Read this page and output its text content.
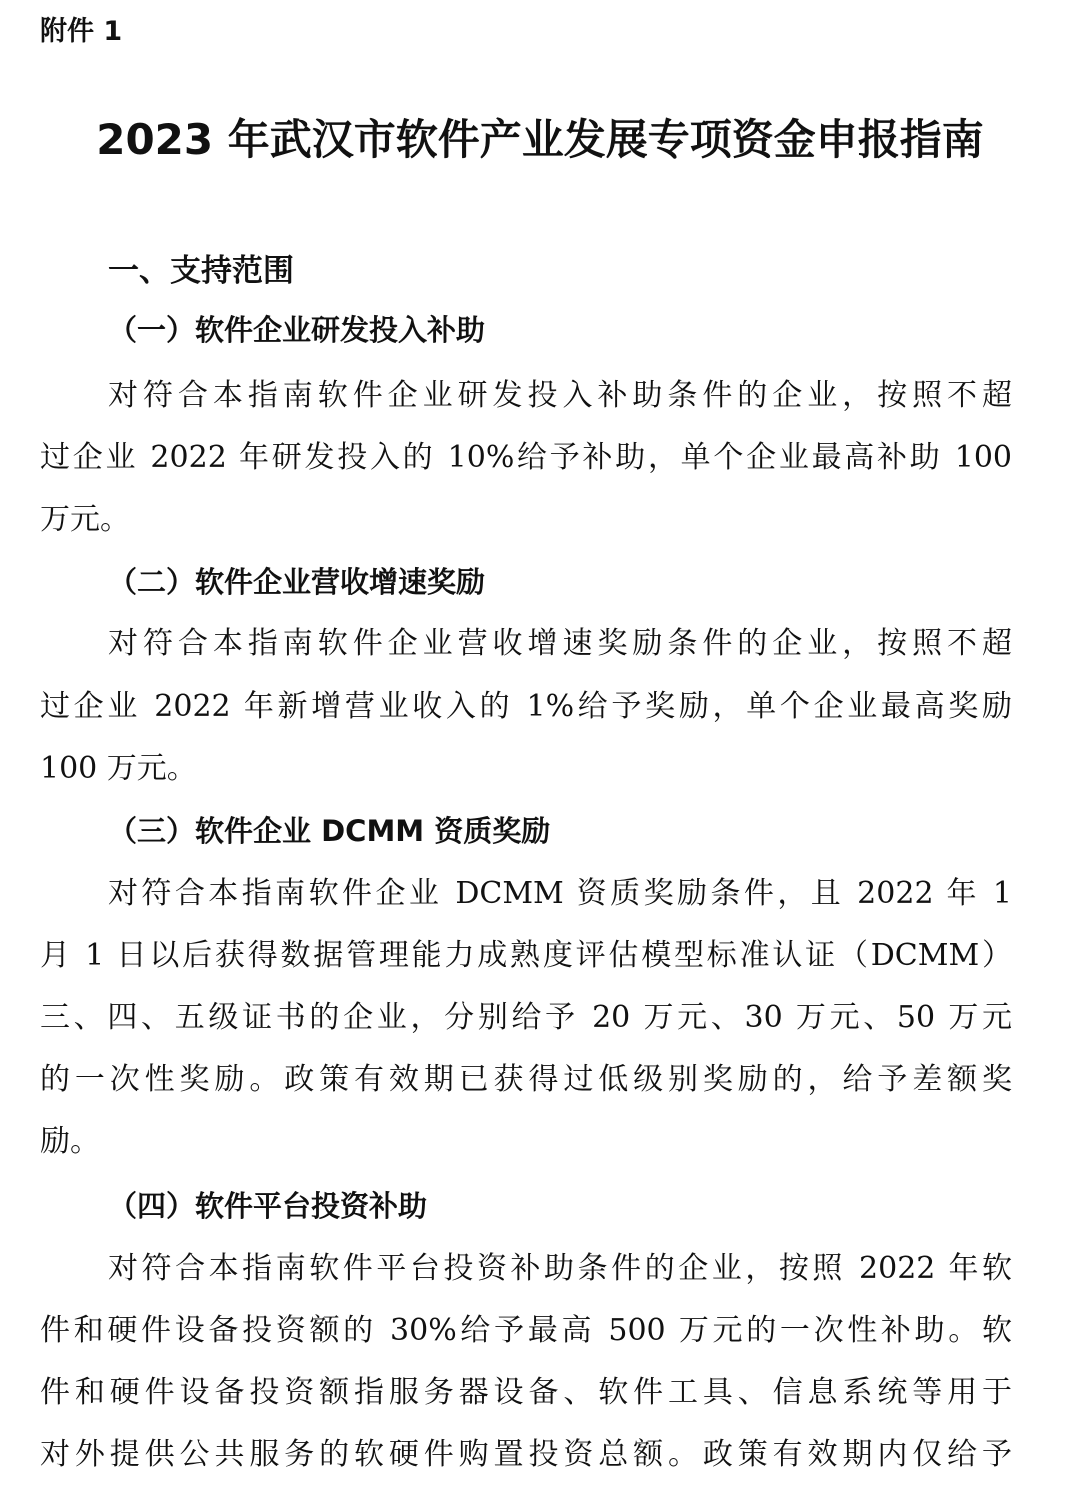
附件 1
2023 年武汉市软件产业发展专项资金申报指南
一、支持范围
（一）软件企业研发投入补助
对符合本指南软件企业研发投入补助条件的企业，按照不超
过企业 2022 年研发投入的 10%给予补助，单个企业最高补助 100
万元。
（二）软件企业营收增速奖励
对符合本指南软件企业营收增速奖励条件的企业，按照不超
过企业 2022 年新增营业收入的 1%给予奖励，单个企业最高奖励
100 万元。
（三）软件企业 DCMM 资质奖励
对符合本指南软件企业 DCMM 资质奖励条件，且 2022 年 1
月 1 日以后获得数据管理能力成熟度评估模型标准认证（DCMM）
三、四、五级证书的企业，分别给予 20 万元、30 万元、50 万元
的一次性奖励。政策有效期已获得过低级别奖励的，给予差额奖
励。
（四）软件平台投资补助
对符合本指南软件平台投资补助条件的企业，按照 2022 年软
件和硬件设备投资额的 30%给予最高 500 万元的一次性补助。软
件和硬件设备投资额指服务器设备、软件工具、信息系统等用于
对外提供公共服务的软硬件购置投资总额。政策有效期内仅给予
